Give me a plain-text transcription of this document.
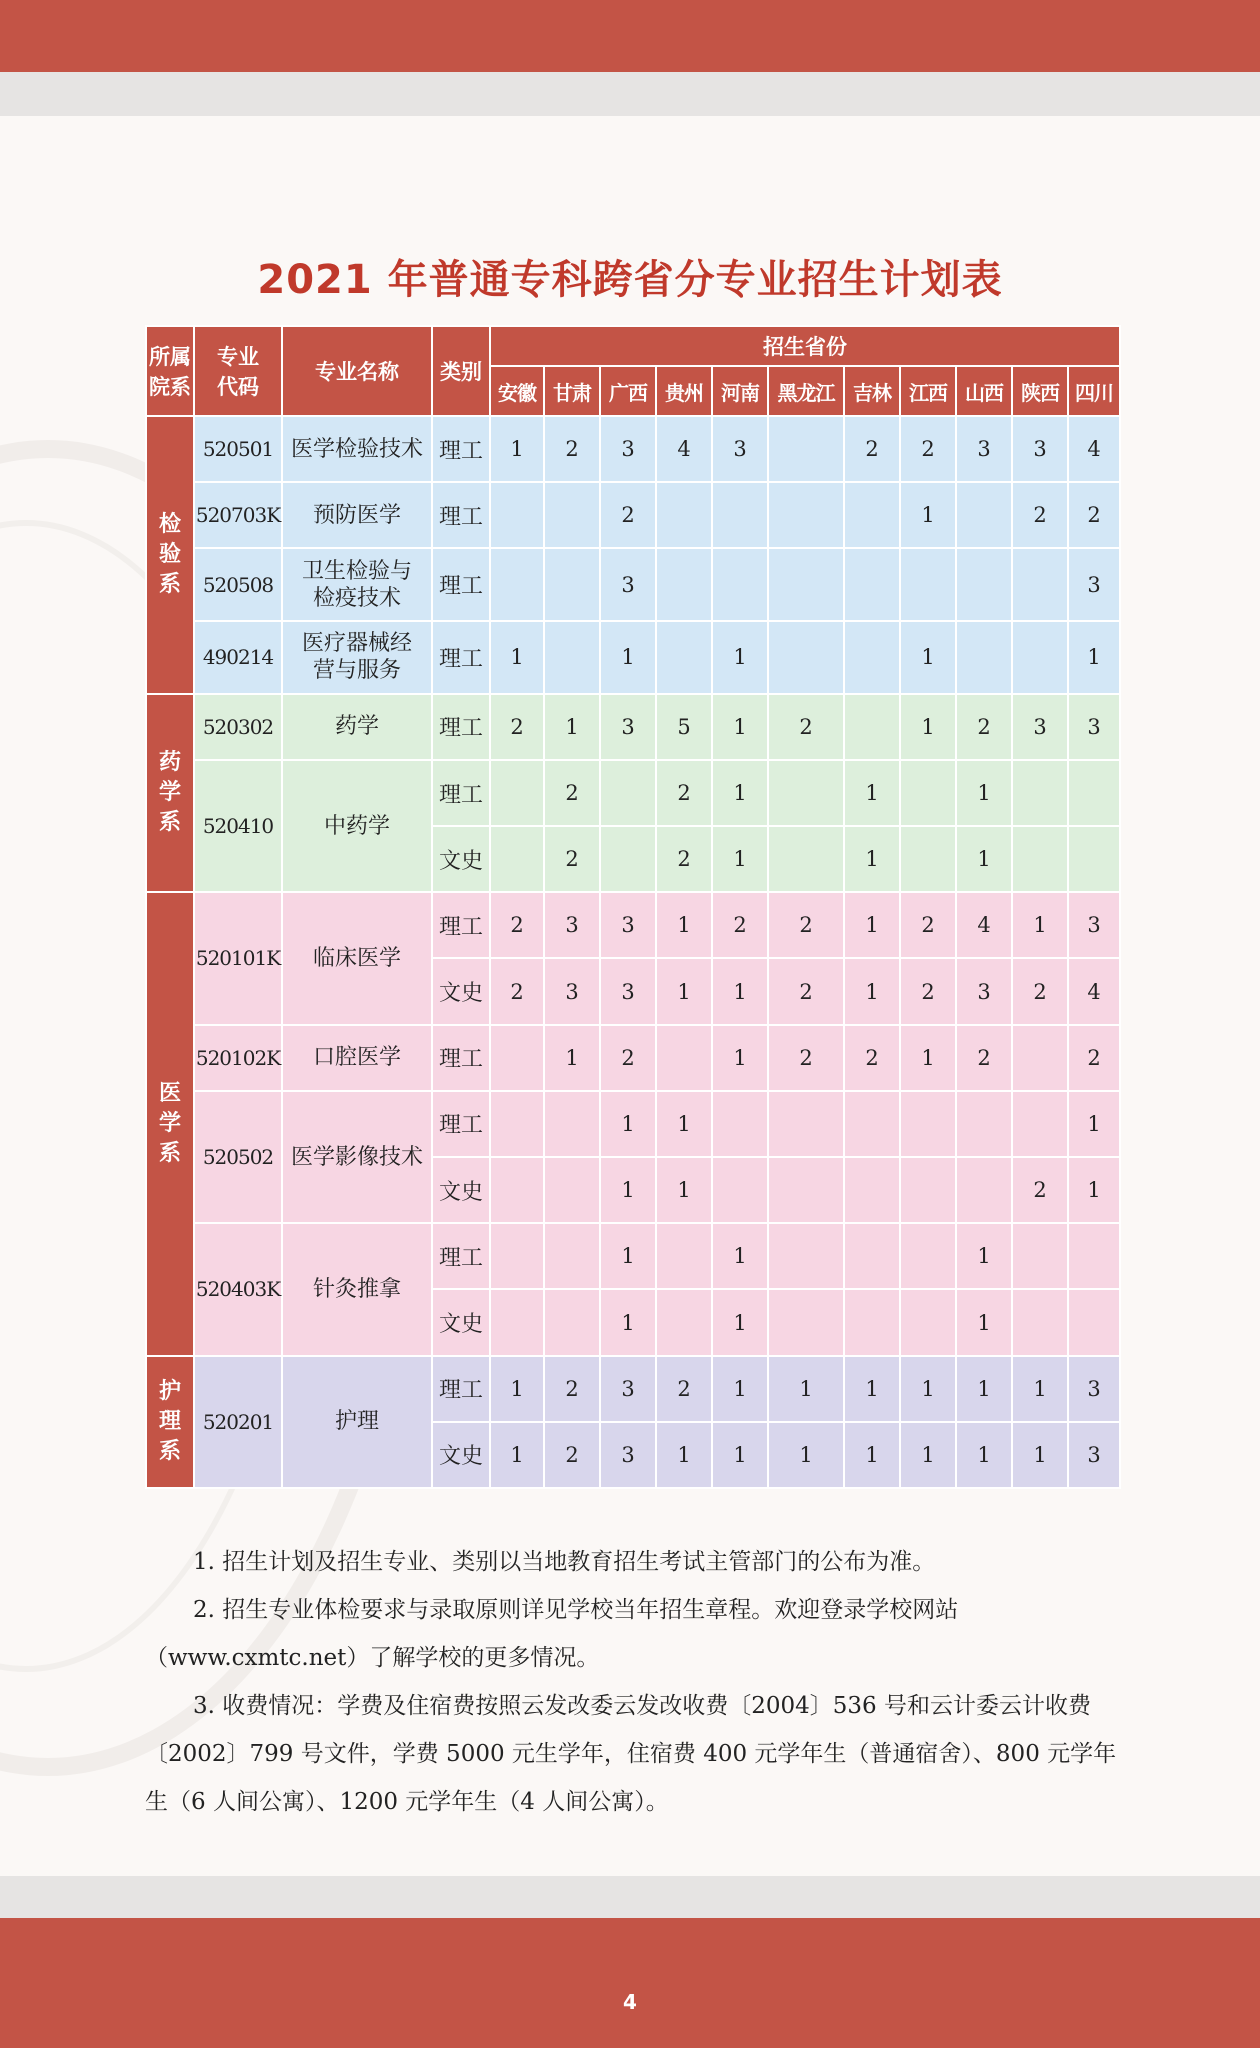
2021 年普通专科跨省分专业招生计划表
所属
院系	专业
代码	专业名称	类别	招生省份										
				安徽	甘肃	广西	贵州	河南	黑龙江	吉林	江西	山西	陕西	四川

检
验
系	520501	医学检验技术	理工	1	2	3	4	3		2	2	3	3	4
	520703K	预防医学	理工			2					1		2	2
	520508	卫生检验与
检疫技术	理工			3								3
	490214	医疗器械经
营与服务	理工	1		1		1			1			1

药
学
系	520302	药学	理工	2	1	3	5	1	2		1	2	3	3
	520410	中药学	理工		2		2	1		1		1		
			文史		2		2	1		1		1		

医
学
系	520101K	临床医学	理工	2	3	3	1	2	2	1	2	4	1	3
			文史	2	3	3	1	1	2	1	2	3	2	4
	520102K	口腔医学	理工		1	2		1	2	2	1	2		2
	520502	医学影像技术	理工			1	1							1
			文史			1	1						2	1
	520403K	针灸推拿	理工			1		1				1		
			文史			1		1				1		

护
理
系	520201	护理	理工	1	2	3	2	1	1	1	1	1	1	3
			文史	1	2	3	1	1	1	1	1	1	1	3

1. 招生计划及招生专业、类别以当地教育招生考试主管部门的公布为准。

2. 招生专业体检要求与录取原则详见学校当年招生章程。欢迎登录学校网站（www.cxmtc.net）了解学校的更多情况。

3. 收费情况：学费及住宿费按照云发改委云发改收费〔2004〕536 号和云计委云计收费〔2002〕799 号文件，学费 5000 元生学年，住宿费 400 元学年生（普通宿舍）、800 元学年生（6 人间公寓）、1200 元学年生（4 人间公寓）。

4
